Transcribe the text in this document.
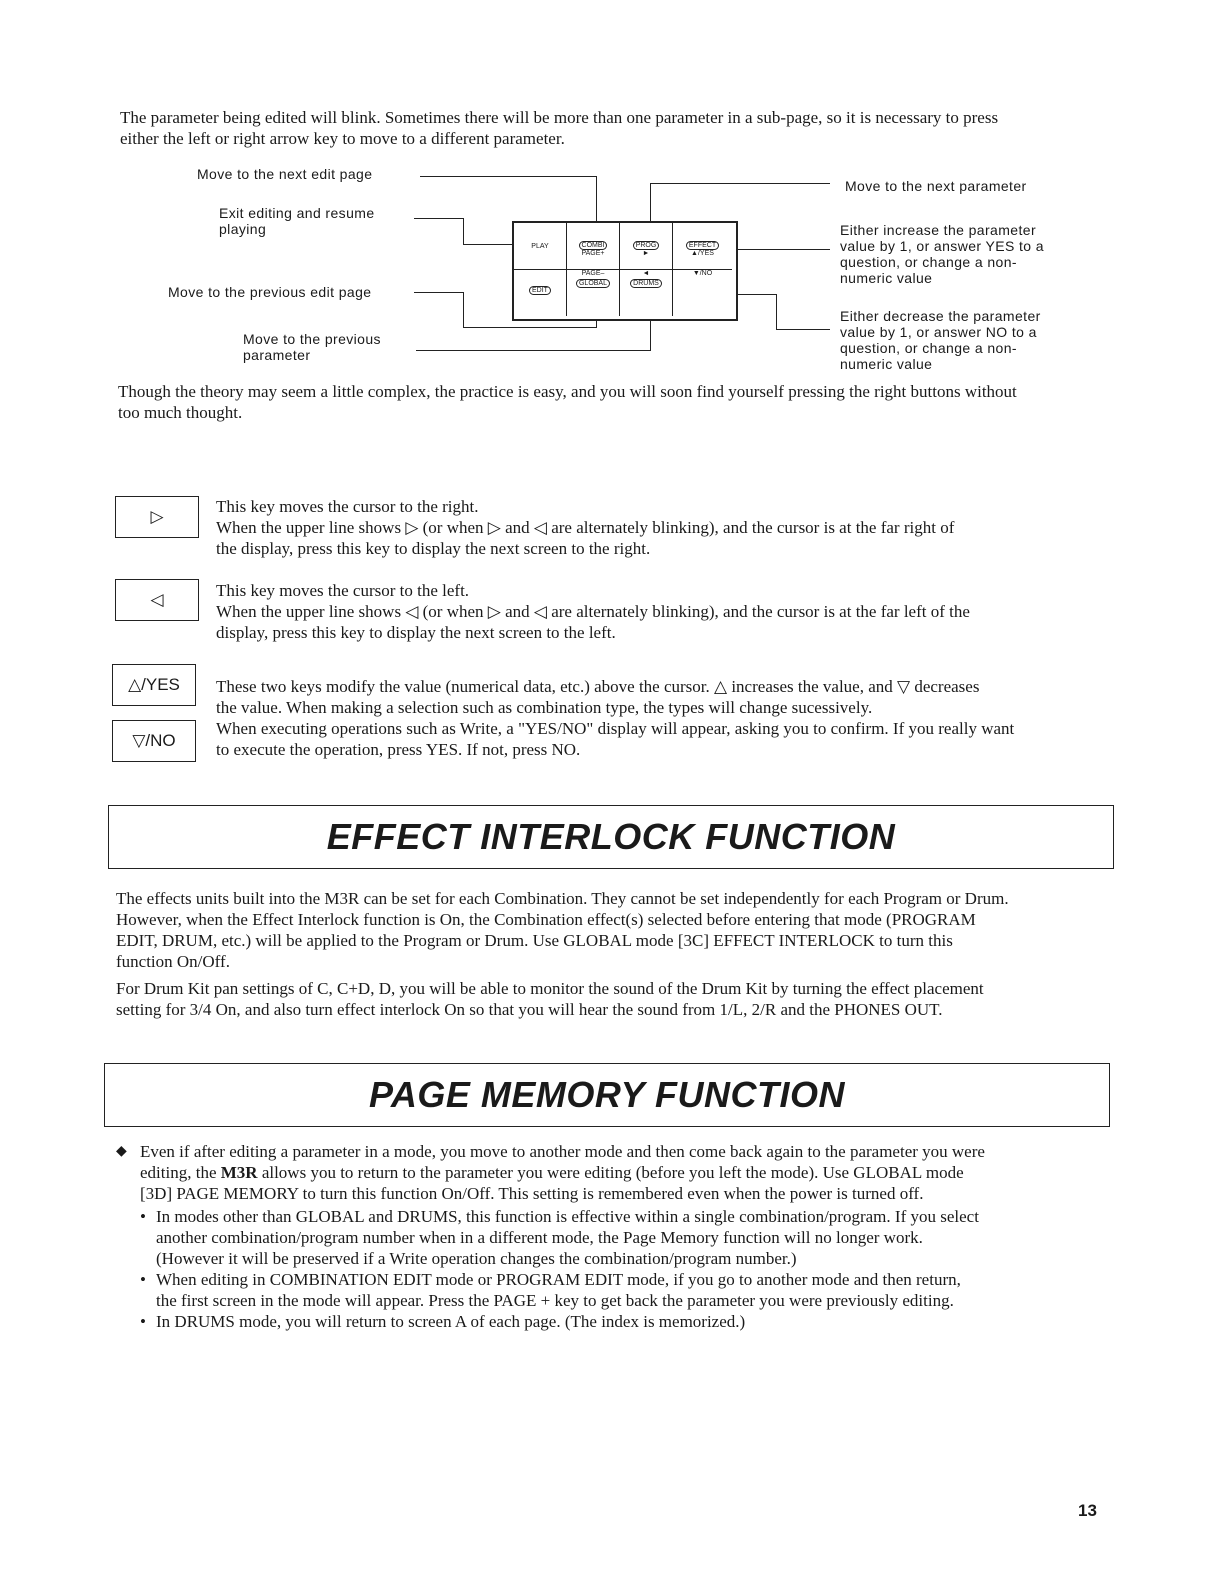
The parameter being edited will blink. Sometimes there will be more than one parameter in a sub-page, so it is necessary to press

either the left or right arrow key to move to a different parameter.

Move to the next edit page
Exit editing and resume
playing
Move to the previous edit page
Move to the previous
parameter
Move to the next parameter
Either increase the parameter
value by 1, or answer YES to a
question, or change a non-
numeric value
Either decrease the parameter
value by 1, or answer NO to a
question, or change a non-
numeric value
PLAY	COMBI
PAGE+
PROG
►
EFFECT
▲/YES
EDIT
PAGE–
GLOBAL
◄
DRUMS
▼/NO

Though the theory may seem a little complex, the practice is easy, and you will soon find yourself pressing the right buttons without

too much thought.

▷

This key moves the cursor to the right.

When the upper line shows ▷ (or when ▷ and ◁ are alternately blinking), and the cursor is at the far right of

the display, press this key to display the next screen to the right.

◁	This key moves the cursor to the left.

When the upper line shows ◁ (or when ▷ and ◁ are alternately blinking), and the cursor is at the far left of the

display, press this key to display the next screen to the left.

△/YES
▽/NO

These two keys modify the value (numerical data, etc.) above the cursor. △ increases the value, and ▽ decreases

the value. When making a selection such as combination type, the types will change sucessively.

When executing operations such as Write, a "YES/NO" display will appear, asking you to confirm. If you really want

to execute the operation, press YES. If not, press NO.

EFFECT INTERLOCK FUNCTION

The effects units built into the M3R can be set for each Combination. They cannot be set independently for each Program or Drum.

However, when the Effect Interlock function is On, the Combination effect(s) selected before entering that mode (PROGRAM

EDIT, DRUM, etc.) will be applied to the Program or Drum. Use GLOBAL mode [3C] EFFECT INTERLOCK to turn this

function On/Off.

For Drum Kit pan settings of C, C+D, D, you will be able to monitor the sound of the Drum Kit by turning the effect placement

setting for 3/4 On, and also turn effect interlock On so that you will hear the sound from 1/L, 2/R and the PHONES OUT.

PAGE MEMORY FUNCTION
◆ Even if after editing a parameter in a mode, you move to another mode and then come back again to the parameter you were

editing, the M3R allows you to return to the parameter you were editing (before you left the mode). Use GLOBAL mode

[3D] PAGE MEMORY to turn this function On/Off. This setting is remembered even when the power is turned off.

• In modes other than GLOBAL and DRUMS, this function is effective within a single combination/program. If you select

another combination/program number when in a different mode, the Page Memory function will no longer work.

(However it will be preserved if a Write operation changes the combination/program number.)

• When editing in COMBINATION EDIT mode or PROGRAM EDIT mode, if you go to another mode and then return,

the first screen in the mode will appear. Press the PAGE + key to get back the parameter you were previously editing.

• In DRUMS mode, you will return to screen A of each page. (The index is memorized.)

13
